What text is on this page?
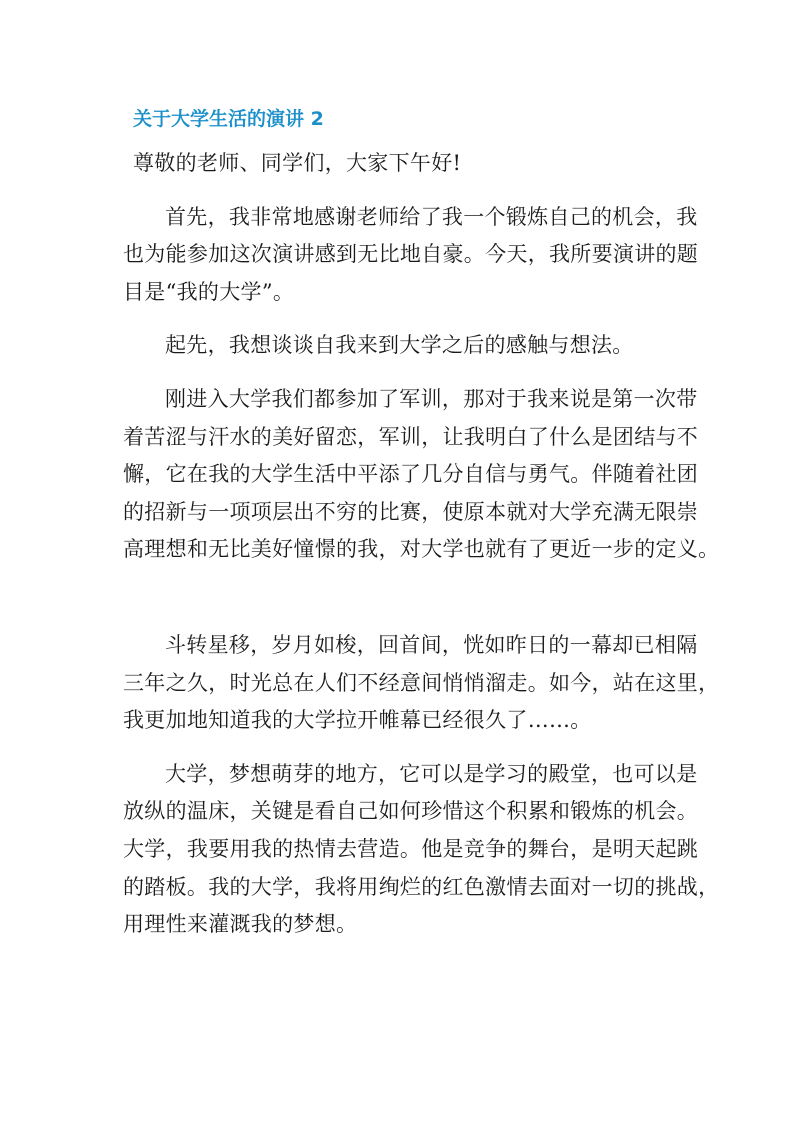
关于大学生活的演讲 2

尊敬的老师、同学们，大家下午好!

首先，我非常地感谢老师给了我一个锻炼自己的机会，我
也为能参加这次演讲感到无比地自豪。今天，我所要演讲的题
目是“我的大学”。

起先，我想谈谈自我来到大学之后的感触与想法。

刚进入大学我们都参加了军训，那对于我来说是第一次带
着苦涩与汗水的美好留恋，军训，让我明白了什么是团结与不
懈，它在我的大学生活中平添了几分自信与勇气。伴随着社团
的招新与一项项层出不穷的比赛，使原本就对大学充满无限崇
高理想和无比美好憧憬的我，对大学也就有了更近一步的定义。

斗转星移，岁月如梭，回首间，恍如昨日的一幕却已相隔
三年之久，时光总在人们不经意间悄悄溜走。如今，站在这里，
我更加地知道我的大学拉开帷幕已经很久了……。

大学，梦想萌芽的地方，它可以是学习的殿堂，也可以是
放纵的温床，关键是看自己如何珍惜这个积累和锻炼的机会。
大学，我要用我的热情去营造。他是竞争的舞台，是明天起跳
的踏板。我的大学，我将用绚烂的红色激情去面对一切的挑战，
用理性来灌溉我的梦想。
